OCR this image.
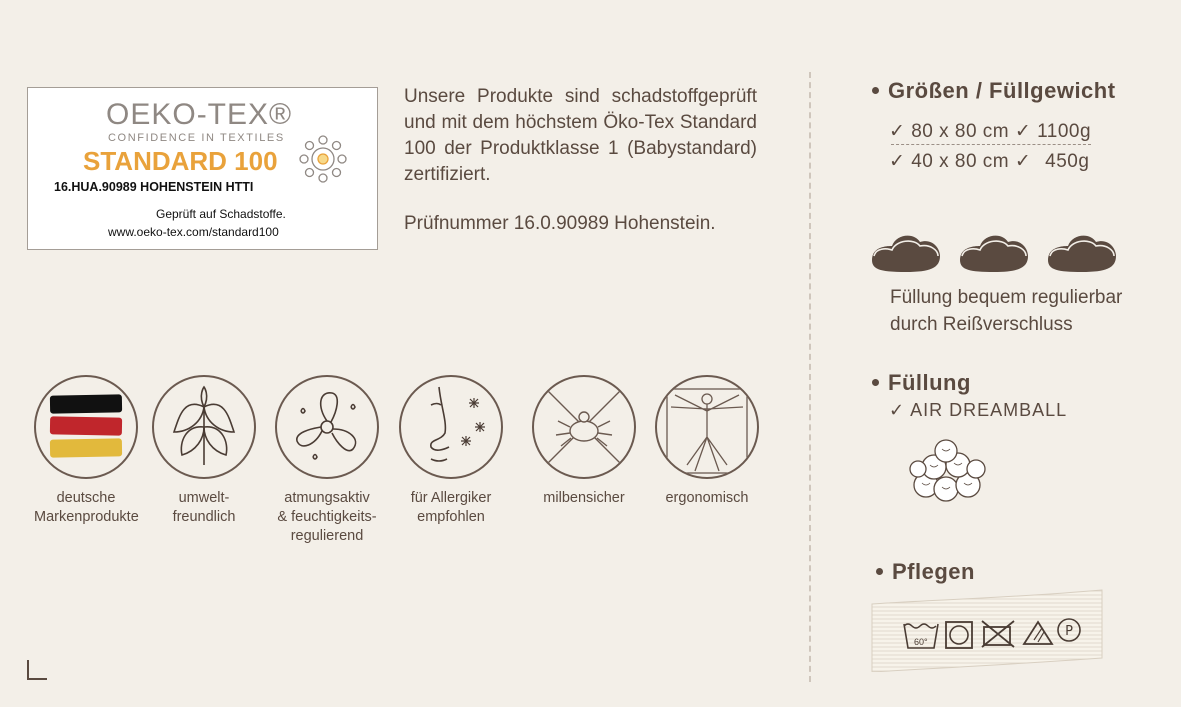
OEKO-TEX®
CONFIDENCE IN TEXTILES
STANDARD 100
16.HUA.90989 HOHENSTEIN HTTI
Geprüft auf Schadstoffe.
www.oeko-tex.com/standard100
Unsere Produkte sind schadstoffgeprüft und mit dem höchstem Öko-Tex Standard 100 der Produktklasse 1 (Babystandard) zertifiziert.
Prüfnummer 16.0.90989 Hohenstein.
deutsche
Markenprodukte
umwelt-
freundlich
atmungsaktiv
& feuchtigkeits-
regulierend
für Allergiker
empfohlen
milbensicher	ergonomisch
Größen / Füllgewicht
✓ 80 x 80 cm ✓ 1100g
✓ 40 x 80 cm ✓ 450g
Füllung bequem regulierbar
durch Reißverschluss
Füllung
✓ AIR DREAMBALL
Pflegen
60°
P
